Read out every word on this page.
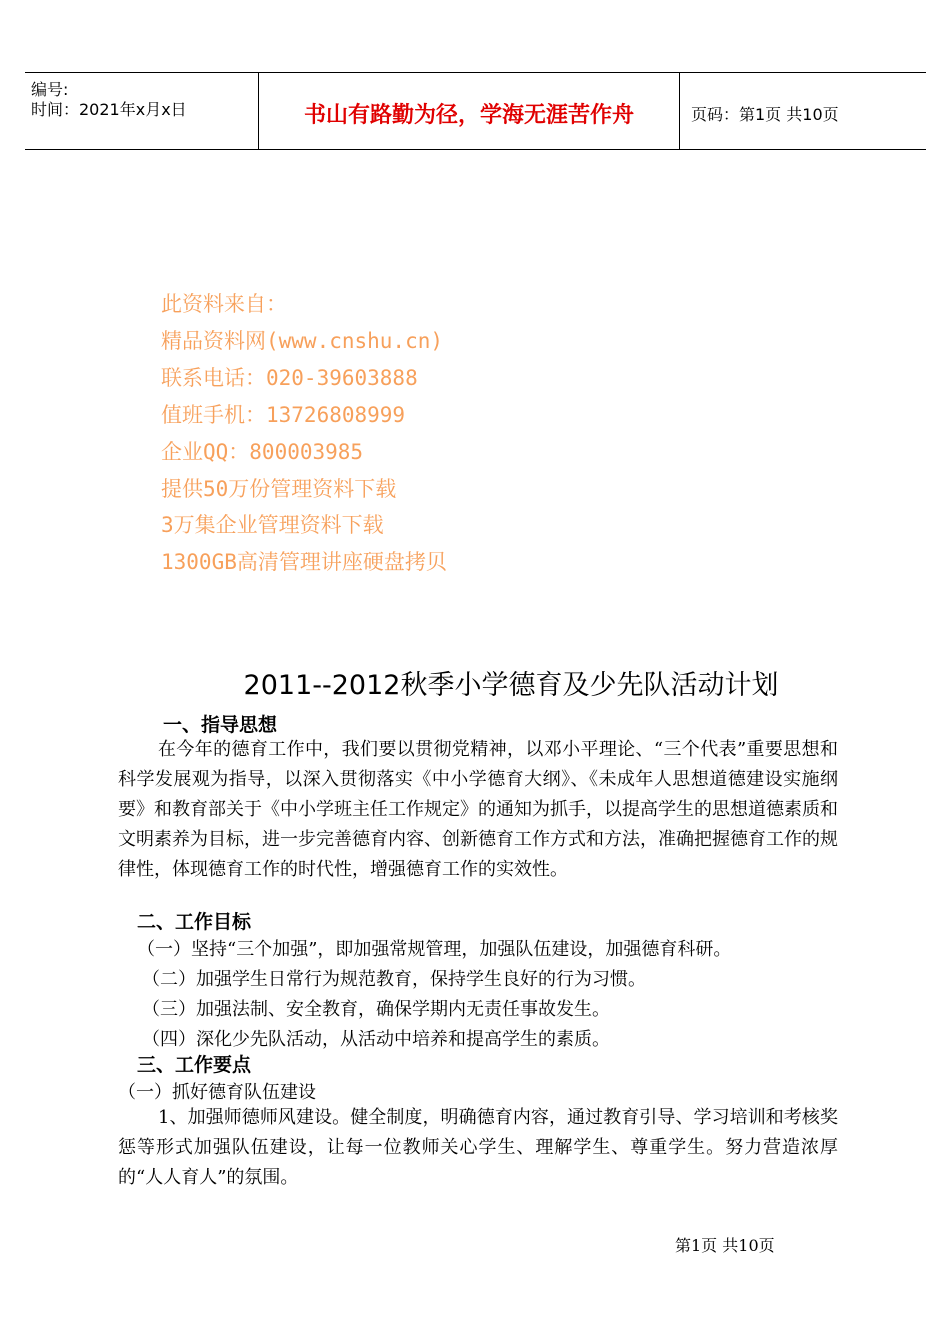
编号:
时间：2021年x月x日	书山有路勤为径，学海无涯苦作舟	页码：第1页 共10页
此资料来自：
精品资料网(www.cnshu.cn)
联系电话：020-39603888
值班手机：13726808999
企业QQ：800003985
提供50万份管理资料下载
3万集企业管理资料下载
1300GB高清管理讲座硬盘拷贝
2011--2012秋季小学德育及少先队活动计划
一、指导思想
在今年的德育工作中，我们要以贯彻党精神，以邓小平理论、“三个代表”重要思想和科学发展观为指导，以深入贯彻落实《中小学德育大纲》、《未成年人思想道德建设实施纲要》和教育部关于《中小学班主任工作规定》的通知为抓手，以提高学生的思想道德素质和文明素养为目标，进一步完善德育内容、创新德育工作方式和方法，准确把握德育工作的规律性，体现德育工作的时代性，增强德育工作的实效性。
二、工作目标
（一）坚持“三个加强”，即加强常规管理，加强队伍建设，加强德育科研。
（二）加强学生日常行为规范教育，保持学生良好的行为习惯。
（三）加强法制、安全教育，确保学期内无责任事故发生。
（四）深化少先队活动，从活动中培养和提高学生的素质。
三、工作要点
（一）抓好德育队伍建设
1、加强师德师风建设。健全制度，明确德育内容，通过教育引导、学习培训和考核奖惩等形式加强队伍建设，让每一位教师关心学生、理解学生、尊重学生。努力营造浓厚的“人人育人”的氛围。
第1页 共10页
